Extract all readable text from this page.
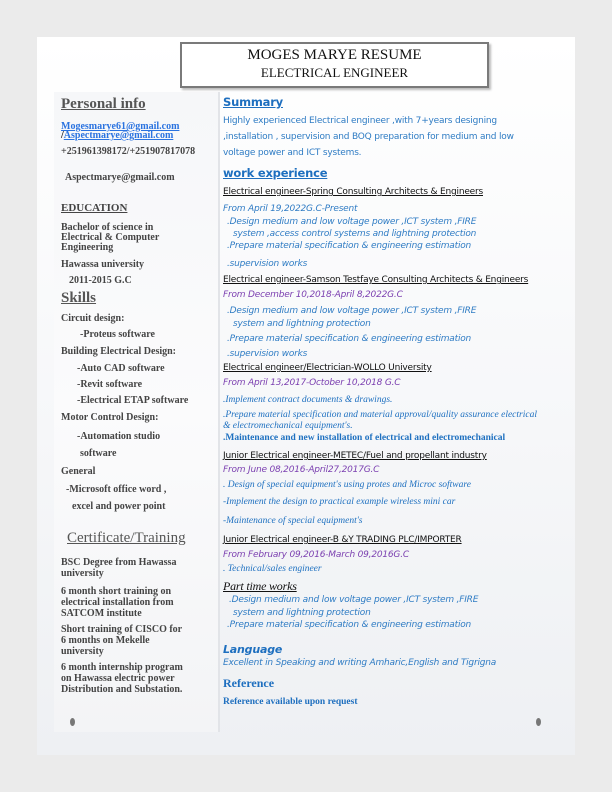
MOGES MARYE RESUME
ELECTRICAL ENGINEER
Personal info
Mogesmarye61@gmail.com
/Aspectmarye@gmail.com
+251961398172/+251907817078
Aspectmarye@gmail.com
EDUCATION
Bachelor of science in
Electrical & Computer
Engineering
Hawassa university
2011-2015 G.C
Skills
Circuit design:
-Proteus software
Building Electrical Design:
-Auto CAD software
-Revit software
-Electrical ETAP software
Motor Control Design:
-Automation studio
software
General
-Microsoft office word ,
excel and power point
Certificate/Training
BSC Degree from Hawassa
university
6 month short training on
electrical installation from
SATCOM institute
Short training of CISCO for
6 months on Mekelle
university
6 month internship program
on Hawassa electric power
Distribution and Substation.
Summary
Highly experienced Electrical engineer ,with 7+years designing
,installation , supervision and BOQ preparation for medium and low
voltage power and ICT systems.
work experience
Electrical engineer-Spring Consulting Architects & Engineers
From April 19,2022G.C-Present
.Design medium and low voltage power ,ICT system ,FIRE
system ,access control systems and lightning protection
.Prepare material specification & engineering estimation
.supervision works
Electrical engineer-Samson Testfaye Consulting Architects & Engineers
From December 10,2018-April 8,2022G.C
.Design medium and low voltage power ,ICT system ,FIRE
system and lightning protection
.Prepare material specification & engineering estimation
.supervision works
Electrical engineer/Electrician-WOLLO University
From April 13,2017-October 10,2018 G.C
.Implement contract documents & drawings.
.Prepare material specification and material approval/quality assurance electrical
& electromechanical equipment's.
.Maintenance and new installation of electrical and electromechanical
Junior Electrical engineer-METEC/Fuel and propellant industry
From June 08,2016-April27,2017G.C
. Design of special equipment's using protes and Microc software
-Implement the design to practical example wireless mini car
-Maintenance of special equipment's
Junior Electrical engineer-B &Y TRADING PLC/IMPORTER
From February 09,2016-March 09,2016G.C
. Technical/sales engineer
Part time works
.Design medium and low voltage power ,ICT system ,FIRE
system and lightning protection
.Prepare material specification & engineering estimation
Language
Excellent in Speaking and writing Amharic,English and Tigrigna
Reference
Reference available upon request
